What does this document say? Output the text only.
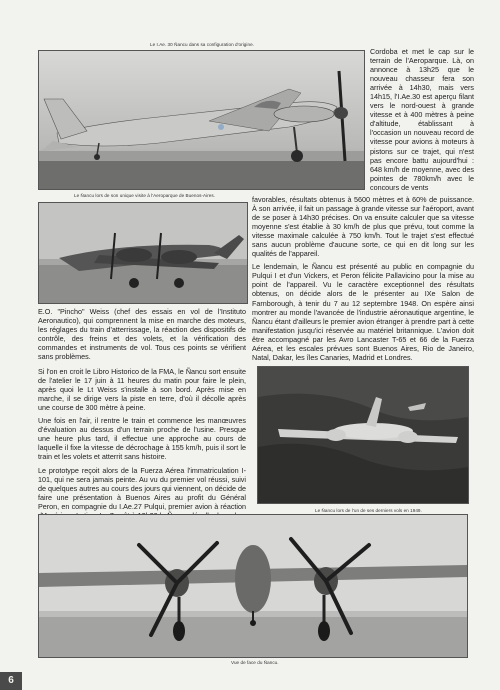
Le I.Ae. 30 Ñancu dans sa configuration d'origine.
Le Ñancu lors de son unique visite à l'Aeroparque de Buenos-Aires.
Cordoba et met le cap sur le terrain de l'Aeroparque. Là, on annonce à 13h25 que le nouveau chasseur fera son arrivée à 14h30, mais vers 14h15, l'I.Ae.30 est aperçu filant vers le nord-ouest à grande vitesse et à 400 mètres à peine d'altitude, établissant à l'occasion un nouveau record de vitesse pour avions à moteurs à pistons sur ce trajet, qui n'est pas encore battu aujourd'hui : 648 km/h de moyenne, avec des pointes de 780km/h avec le concours de vents

favorables, résultats obtenus à 5600 mètres et à 60% de puissance. À son arrivée, il fait un passage à grande vitesse sur l'aéroport, avant de se poser à 14h30 précises. On va ensuite calculer que sa vitesse moyenne s'est établie à 30 km/h de plus que prévu, tout comme la vitesse maximale calculée à 750 km/h. Tout le trajet s'est effectué sans aucun problème d'aucune sorte, ce qui en dit long sur les qualités de l'appareil.

Le lendemain, le Ñancu est présenté au public en compagnie du Pulqui I et d'un Vickers, et Peron félicite Pallavicino pour la mise au point de l'appareil. Vu le caractère exceptionnel des résultats obtenus, on décide alors de le présenter au IXe Salon de Farnborough, à tenir du 7 au 12 septembre 1948. On espère ainsi montrer au monde l'avancée de l'industrie aéronautique argentine, le Ñancu étant d'ailleurs le premier avion étranger à prendre part à cette manifestation jusqu'ici réservée au matériel britannique. L'avion doit être accompagné par les Avro Lancaster T-65 et 66 de la Fuerza Aérea, et les escales prévues sont Buenos Aires, Rio de Janeiro, Natal, Dakar, les îles Canaries, Madrid et Londres.

E.O. "Pincho" Weiss (chef des essais en vol de l'Instituto Aeronautico), qui comprennent la mise en marche des moteurs, les réglages du train d'atterrissage, la réaction des dispositifs de contrôle, des freins et des volets, et la vérification des commandes et instruments de vol. Tous ces points se vérifient sans problèmes.

Si l'on en croit le Libro Historico de la FMA, le Ñancu sort ensuite de l'atelier le 17 juin à 11 heures du matin pour faire le plein, après quoi le Lt Weiss s'installe à son bord. Après mise en marche, il se dirige vers la piste en terre, d'où il décolle après une course de 300 mètre à peine.

Une fois en l'air, il rentre le train et commence les manœuvres d'évaluation au dessus d'un terrain proche de l'usine. Presque une heure plus tard, il effectue une approche au cours de laquelle il fixe la vitesse de décrochage à 155 km/h, puis il sort le train et les volets et atterrit sans histoire.

Le prototype reçoit alors de la Fuerza Aérea l'immatriculation I-101, qui ne sera jamais peinte. Au vu du premier vol réussi, suivi de quelques autres au cours des jours qui viennent, on décide de faire une présentation à Buenos Aires au profit du Général Peron, en compagnie du I.Ae.27 Pulqui, premier avion à réaction	Le Ñancu lors de l'un de ses derniers vols en 1949.
Vue de face du Ñancu.
6
